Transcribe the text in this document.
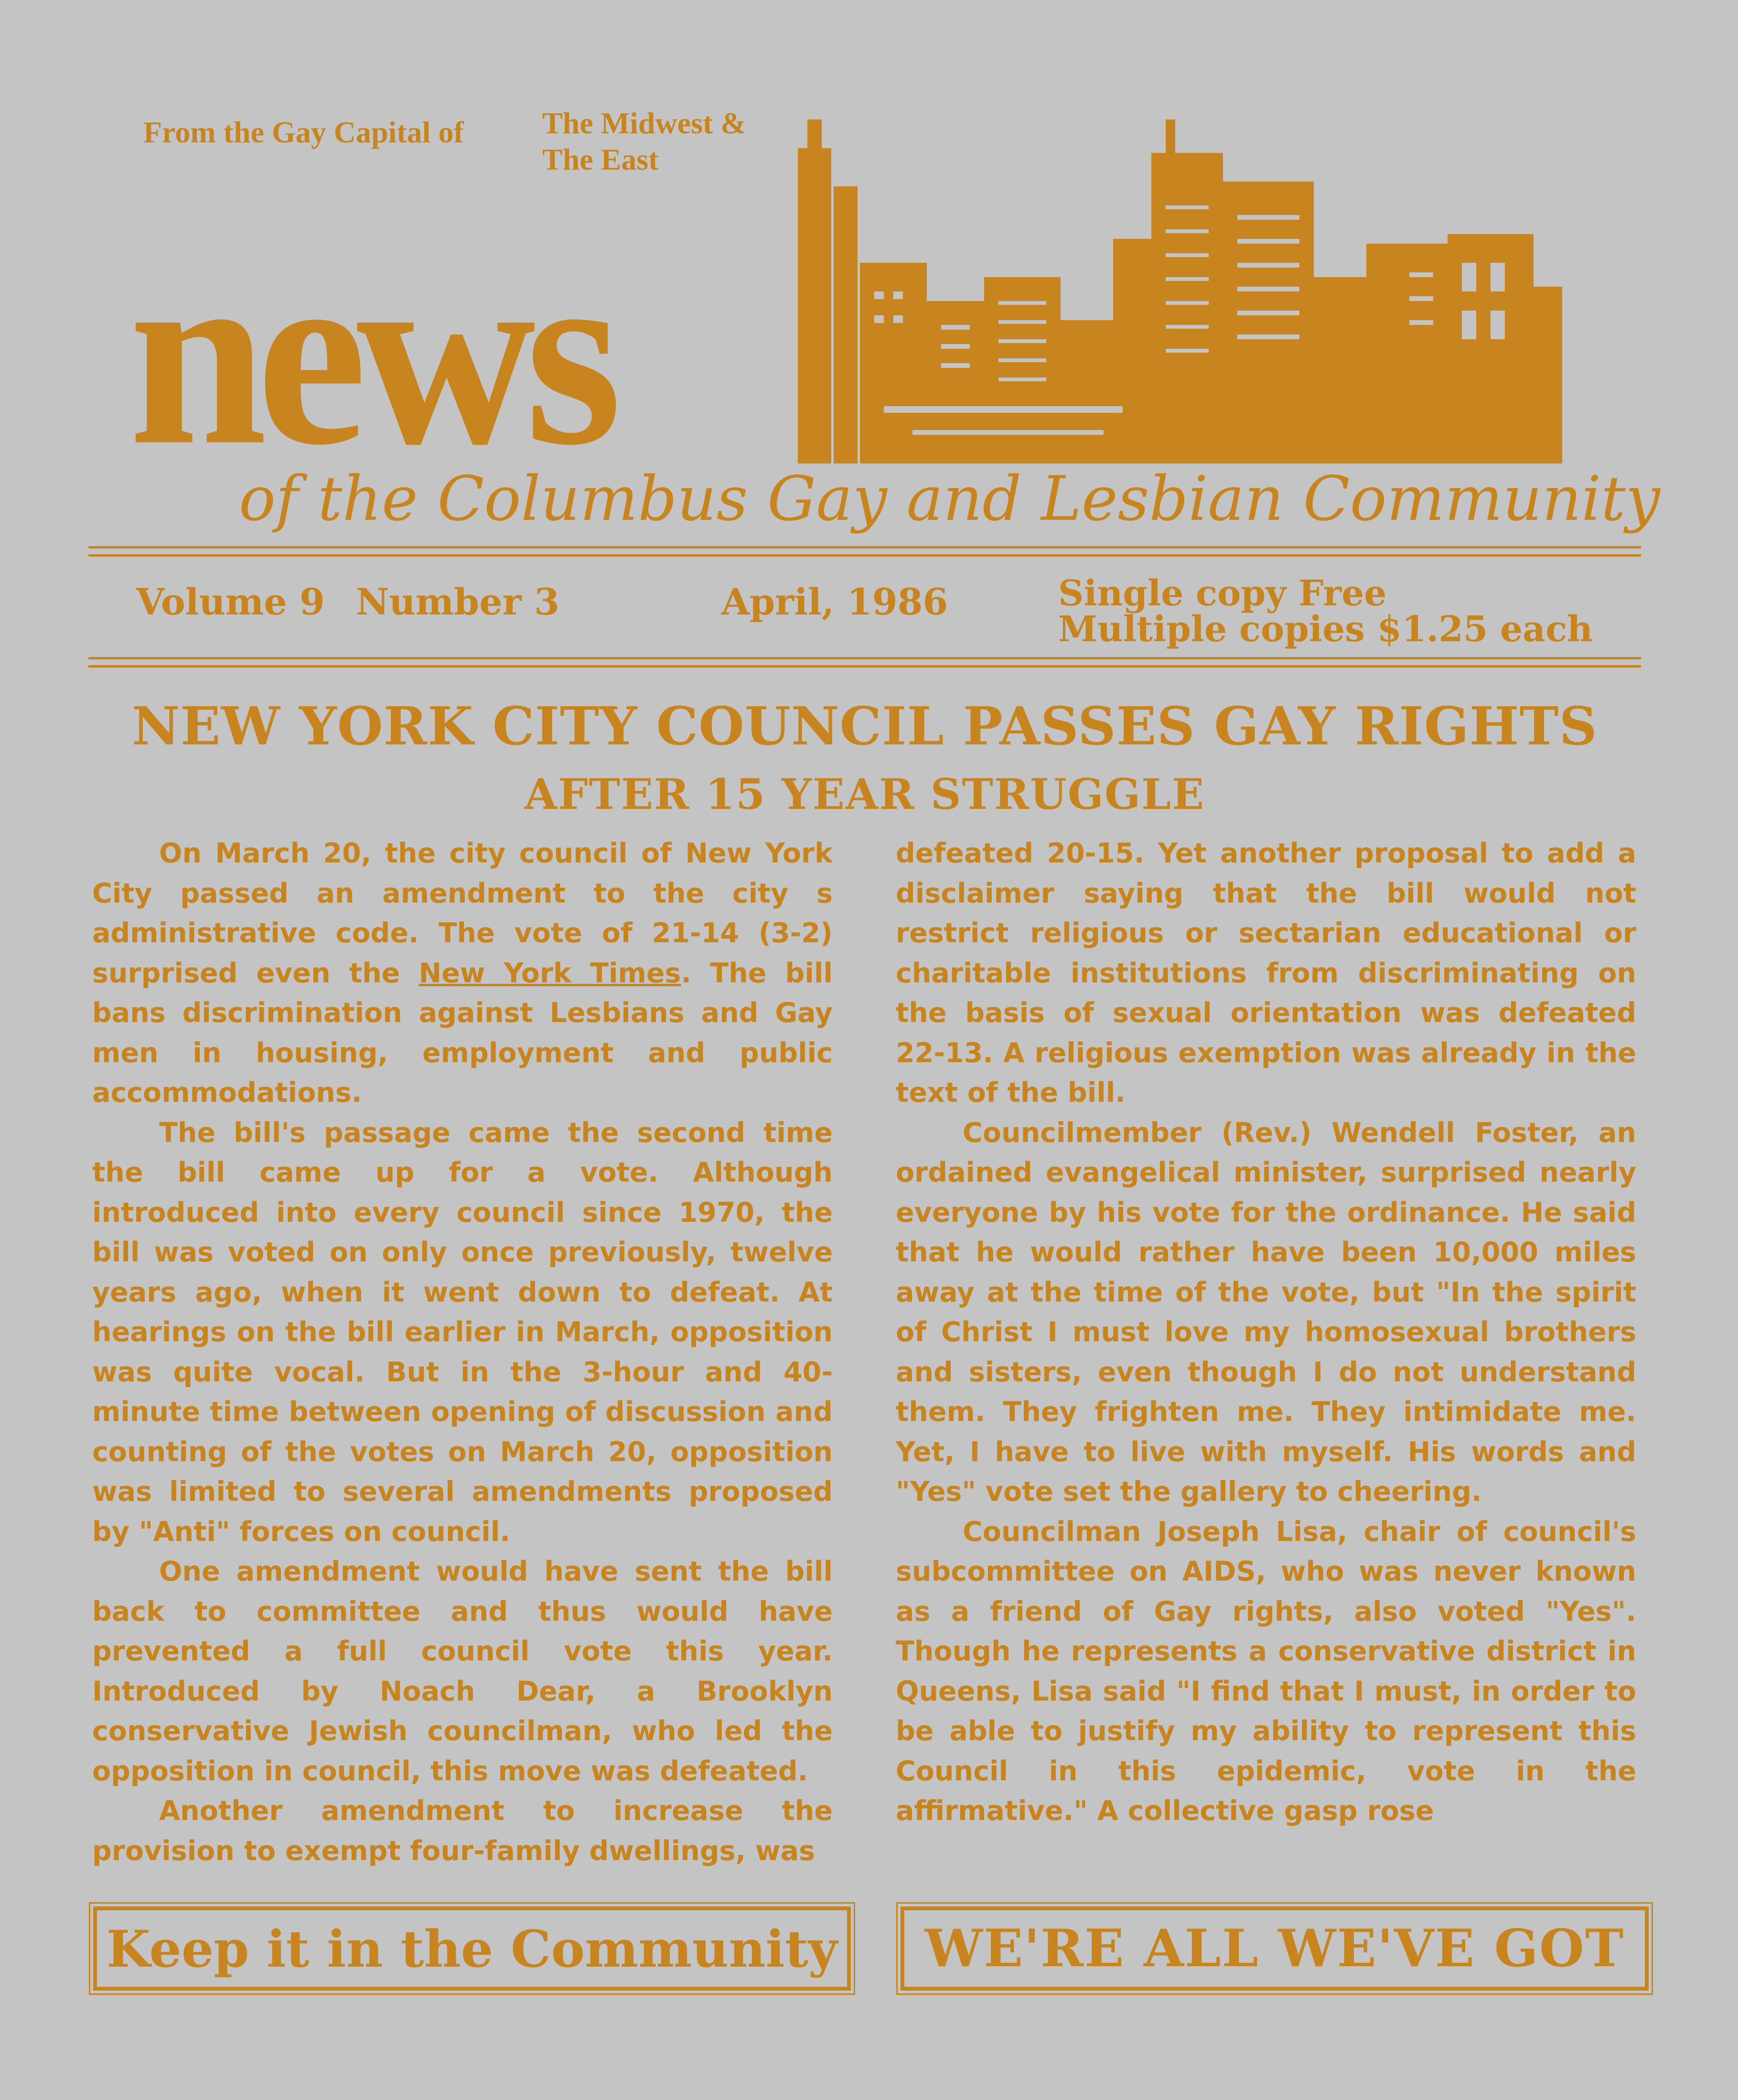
From the Gay Capital of	The Midwest &
The East
news
of the Columbus Gay and Lesbian Community
Volume 9 Number 3	April, 1986	Single copy Free
Multiple copies $1.25 each
NEW YORK CITY COUNCIL PASSES GAY RIGHTS
AFTER 15 YEAR STRUGGLE

On March 20, the city council of New York City passed an amendment to the city s administrative code. The vote of 21-14 (3-2) surprised even the New York Times. The bill bans discrimination against Lesbians and Gay men in housing, employment and public accommodations.

The bill's passage came the second time the bill came up for a vote. Although introduced into every council since 1970, the bill was voted on only once previously, twelve years ago, when it went down to defeat. At hearings on the bill earlier in March, opposition was quite vocal. But in the 3-hour and 40-minute time between opening of discussion and counting of the votes on March 20, opposition was limited to several amendments proposed by "Anti" forces on council.

One amendment would have sent the bill back to committee and thus would have prevented a full council vote this year. Introduced by Noach Dear, a Brooklyn conservative Jewish councilman, who led the opposition in council, this move was defeated.

Another amendment to increase the provision to exempt four-family dwellings, was

defeated 20-15. Yet another proposal to add a disclaimer saying that the bill would not restrict religious or sectarian educational or charitable institutions from discriminating on the basis of sexual orientation was defeated 22-13. A religious exemption was already in the text of the bill.

Councilmember (Rev.) Wendell Foster, an ordained evangelical minister, surprised nearly everyone by his vote for the ordinance. He said that he would rather have been 10,000 miles away at the time of the vote, but "In the spirit of Christ I must love my homosexual brothers and sisters, even though I do not understand them. They frighten me. They intimidate me. Yet, I have to live with myself. His words and "Yes" vote set the gallery to cheering.

Councilman Joseph Lisa, chair of council's subcommittee on AIDS, who was never known as a friend of Gay rights, also voted "Yes". Though he represents a conservative district in Queens, Lisa said "I find that I must, in order to be able to justify my ability to represent this Council in this epidemic, vote in the affirmative." A collective gasp rose

Keep it in the Community WE'RE ALL WE'VE GOT
